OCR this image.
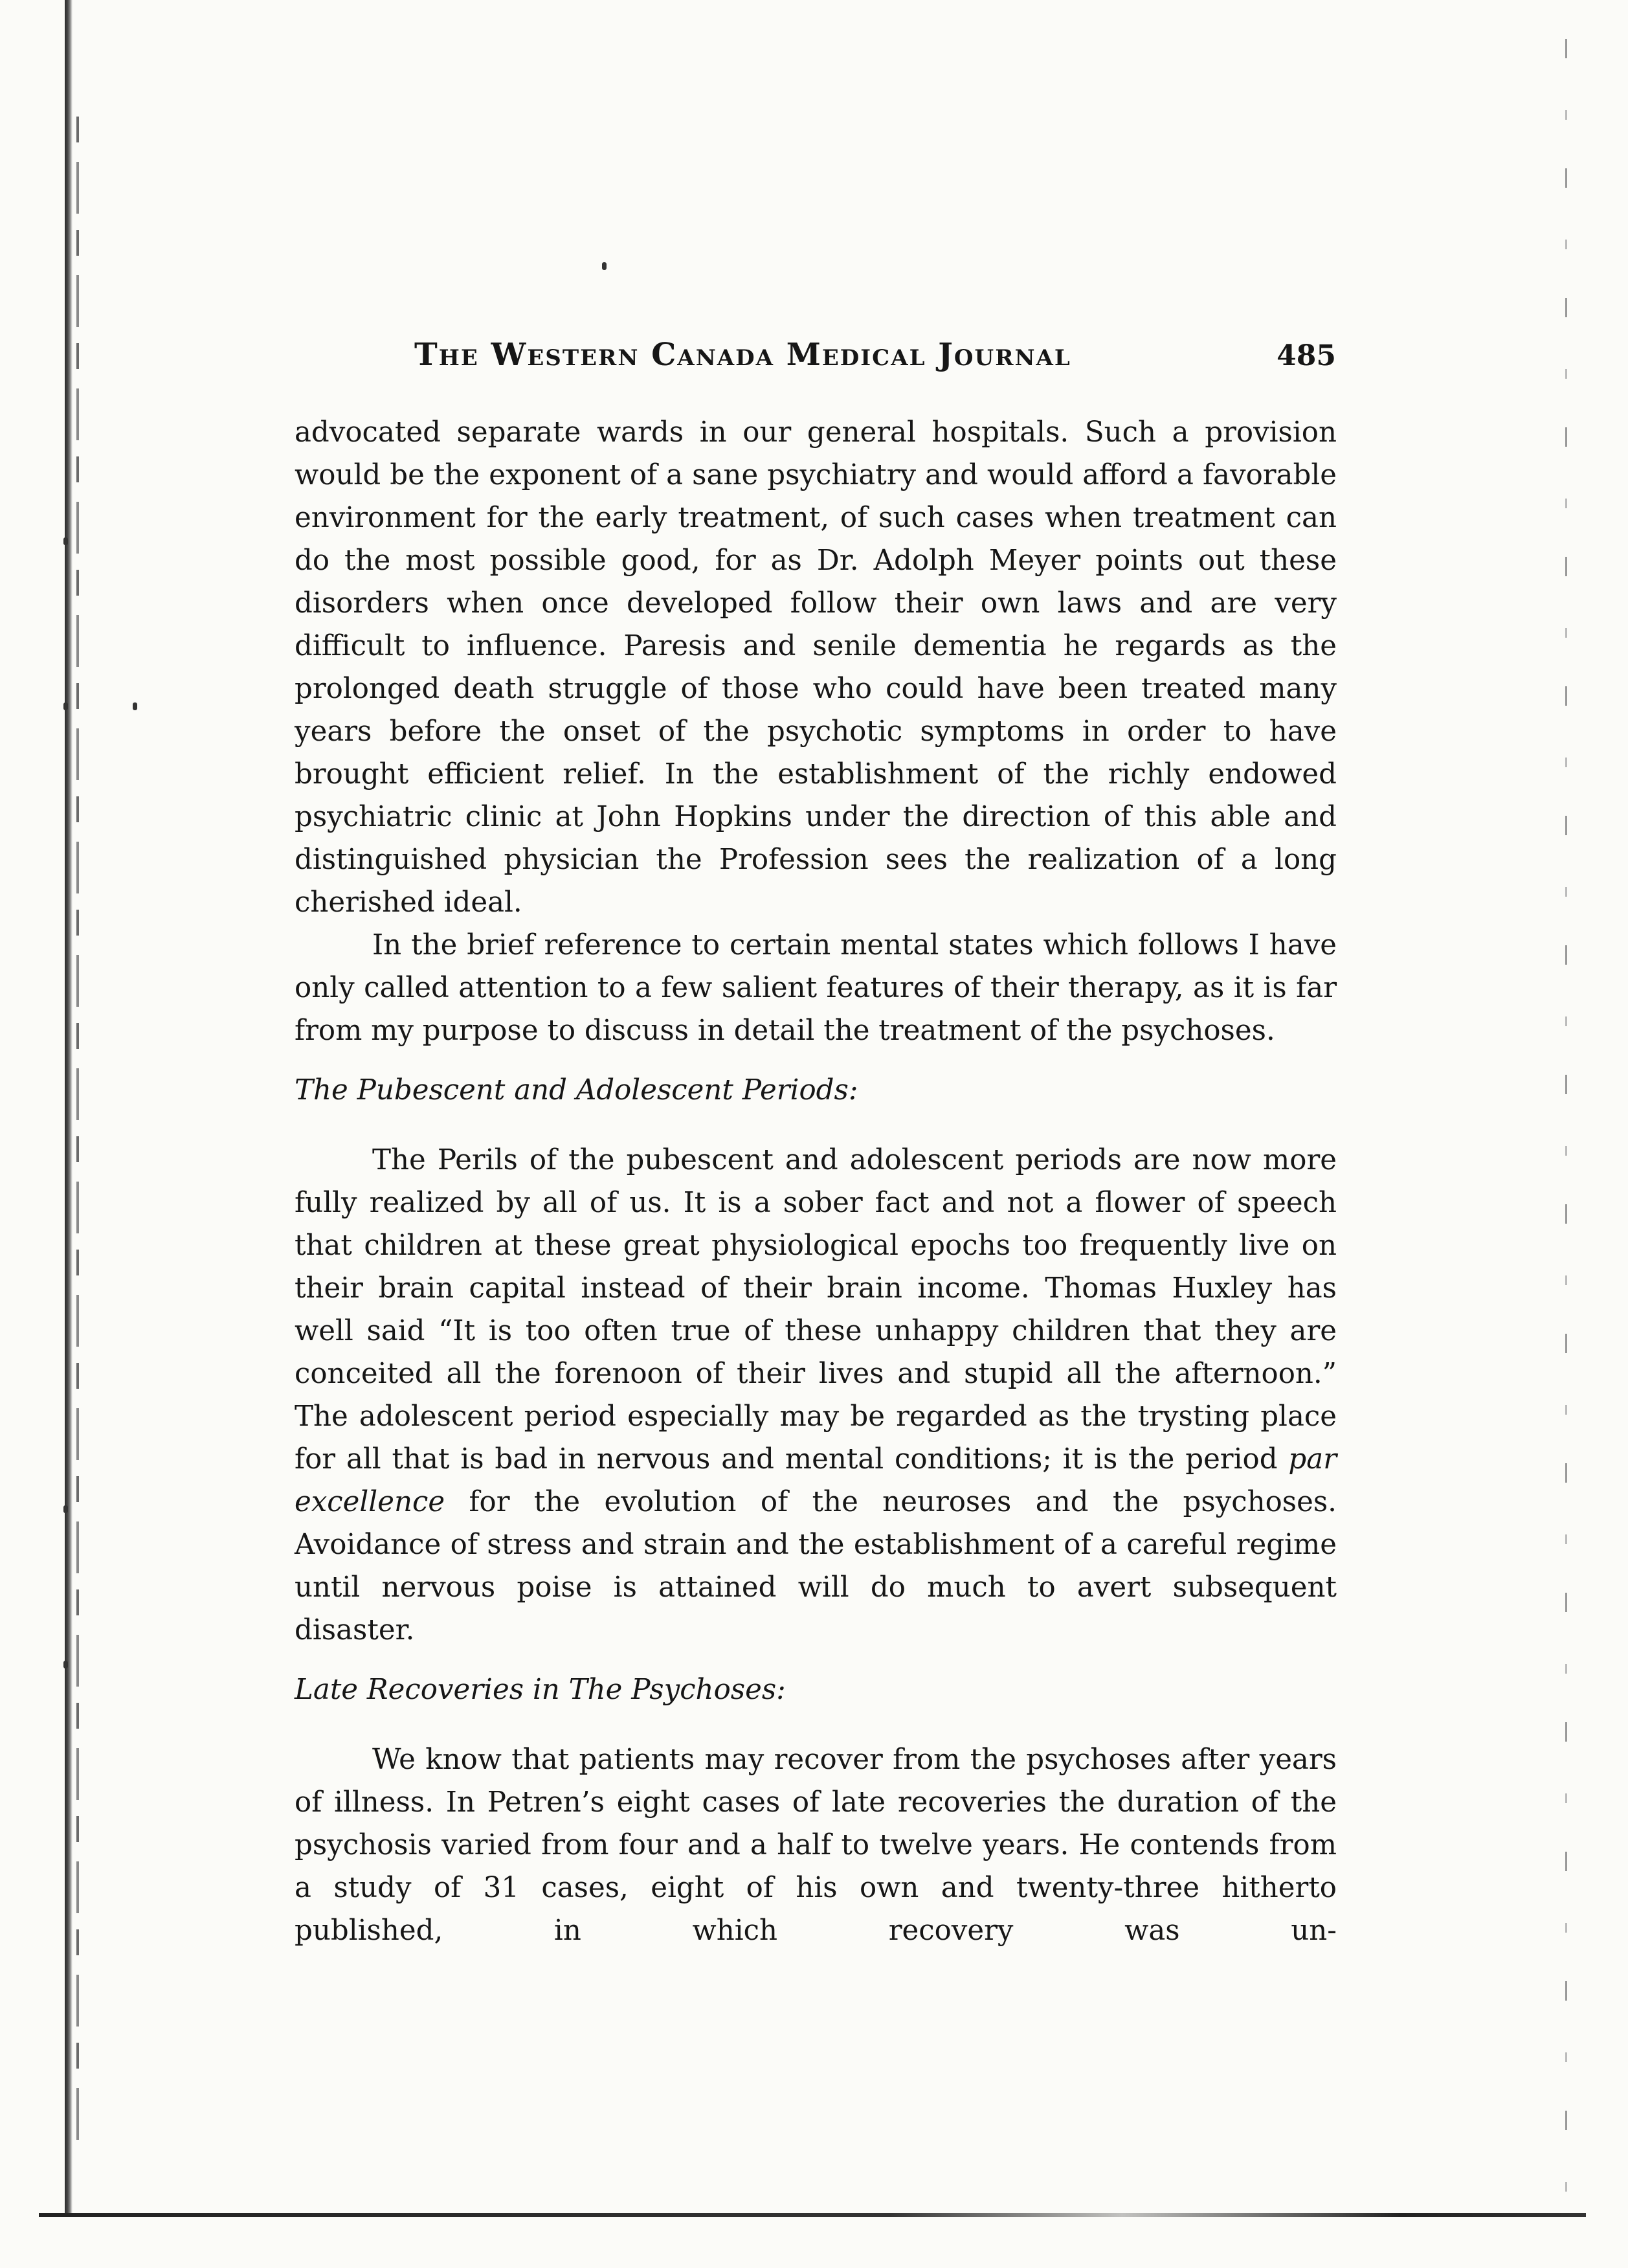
The Western Canada Medical Journal	485

advocated separate wards in our general hospitals. Such a provision would be the exponent of a sane psychiatry and would afford a favorable environment for the early treatment, of such cases when treatment can do the most possible good, for as Dr. Adolph Meyer points out these disorders when once developed follow their own laws and are very difficult to influence. Paresis and senile dementia he regards as the prolonged death struggle of those who could have been treated many years before the onset of the psychotic symptoms in order to have brought efficient relief. In the establishment of the richly endowed psychiatric clinic at John Hopkins under the direction of this able and distinguished physician the Profession sees the realization of a long cherished ideal.

In the brief reference to certain mental states which follows I have only called attention to a few salient features of their therapy, as it is far from my purpose to discuss in detail the treatment of the psychoses.

The Pubescent and Adolescent Periods:

The Perils of the pubescent and adolescent periods are now more fully realized by all of us. It is a sober fact and not a flower of speech that children at these great physiological epochs too frequently live on their brain capital instead of their brain income. Thomas Huxley has well said “It is too often true of these unhappy children that they are conceited all the forenoon of their lives and stupid all the afternoon.” The adolescent period especially may be regarded as the trysting place for all that is bad in nervous and mental conditions; it is the period par excellence for the evolution of the neuroses and the psychoses. Avoidance of stress and strain and the establishment of a careful regime until nervous poise is attained will do much to avert subsequent disaster.

Late Recoveries in The Psychoses:

We know that patients may recover from the psychoses after years of illness. In Petren’s eight cases of late recoveries the duration of the psychosis varied from four and a half to twelve years. He contends from a study of 31 cases, eight of his own and twenty-three hitherto published, in which recovery was un-
